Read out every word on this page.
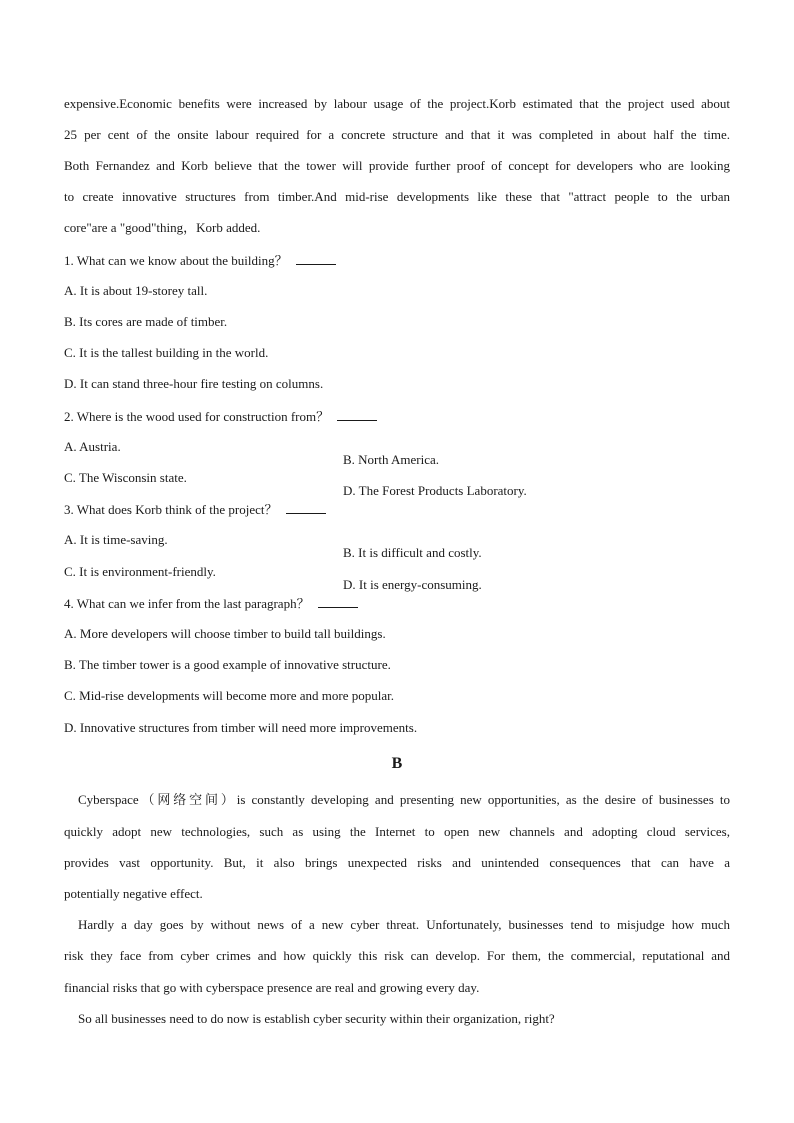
expensive.Economic benefits were increased by labour usage of the project.Korb estimated that the project used about

25 per cent of the onsite labour required for a concrete structure and that it was completed in about half the time.

Both Fernandez and Korb believe that the tower will provide further proof of concept for developers who are looking

to create innovative structures from timber.And mid-rise developments like these that "attract people to the urban

core"are a "good"thing，Korb added.

1. What can we know about the building？

A. It is about 19-storey tall.

B. Its cores are made of timber.

C. It is the tallest building in the world.

D. It can stand three-hour fire testing on columns.

2. Where is the wood used for construction from？

A. Austria.

B. North America.

C. The Wisconsin state.

D. The Forest Products Laboratory.

3. What does Korb think of the project？

A. It is time-saving.

B. It is difficult and costly.

C. It is environment-friendly.

D. It is energy-consuming.

4. What can we infer from the last paragraph？

A. More developers will choose timber to build tall buildings.

B. The timber tower is a good example of innovative structure.

C. Mid-rise developments will become more and more popular.

D. Innovative structures from timber will need more improvements.

B

Cyberspace（网络空间）is constantly developing and presenting new opportunities, as the desire of businesses to

quickly adopt new technologies, such as using the Internet to open new channels and adopting cloud services,

provides vast opportunity. But, it also brings unexpected risks and unintended consequences that can have a

potentially negative effect.

Hardly a day goes by without news of a new cyber threat. Unfortunately, businesses tend to misjudge how much

risk they face from cyber crimes and how quickly this risk can develop. For them, the commercial, reputational and

financial risks that go with cyberspace presence are real and growing every day.

So all businesses need to do now is establish cyber security within their organization, right?
